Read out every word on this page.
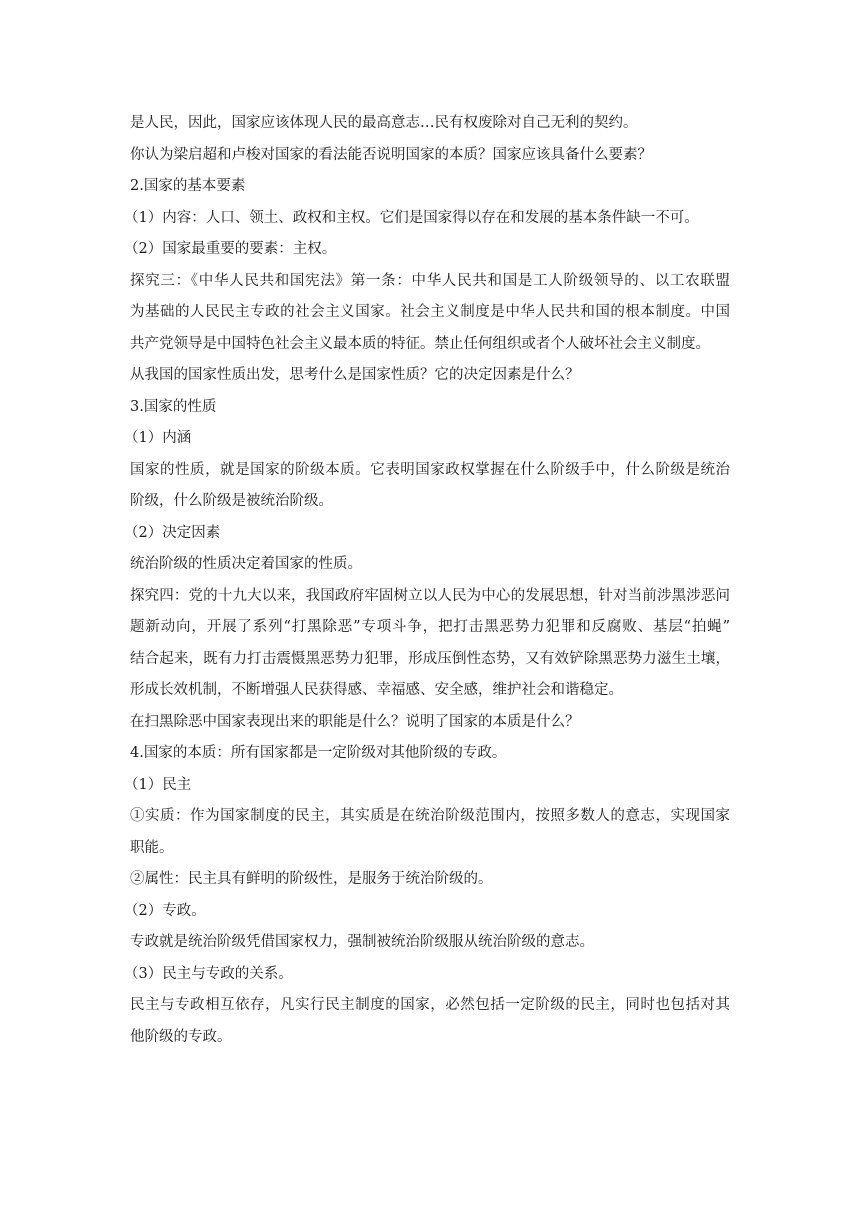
是人民，因此，国家应该体现人民的最高意志…民有权废除对自己无利的契约。
你认为梁启超和卢梭对国家的看法能否说明国家的本质？国家应该具备什么要素？
2.国家的基本要素
（1）内容：人口、领土、政权和主权。它们是国家得以存在和发展的基本条件缺一不可。
（2）国家最重要的要素：主权。
探究三：《中华人民共和国宪法》第一条：中华人民共和国是工人阶级领导的、以工农联盟
为基础的人民民主专政的社会主义国家。社会主义制度是中华人民共和国的根本制度。中国
共产党领导是中国特色社会主义最本质的特征。禁止任何组织或者个人破坏社会主义制度。
从我国的国家性质出发，思考什么是国家性质？它的决定因素是什么？
3.国家的性质
（1）内涵
国家的性质，就是国家的阶级本质。它表明国家政权掌握在什么阶级手中，什么阶级是统治
阶级，什么阶级是被统治阶级。
（2）决定因素
统治阶级的性质决定着国家的性质。
探究四：党的十九大以来，我国政府牢固树立以人民为中心的发展思想，针对当前涉黑涉恶问
题新动向，开展了系列“打黑除恶”专项斗争，把打击黑恶势力犯罪和反腐败、基层“拍蝇”
结合起来，既有力打击震慑黑恶势力犯罪，形成压倒性态势，又有效铲除黑恶势力滋生土壤，
形成长效机制，不断增强人民获得感、幸福感、安全感，维护社会和谐稳定。
在扫黑除恶中国家表现出来的职能是什么？说明了国家的本质是什么？
4.国家的本质：所有国家都是一定阶级对其他阶级的专政。
（1）民主
①实质：作为国家制度的民主，其实质是在统治阶级范围内，按照多数人的意志，实现国家
职能。
②属性：民主具有鲜明的阶级性，是服务于统治阶级的。
（2）专政。
专政就是统治阶级凭借国家权力，强制被统治阶级服从统治阶级的意志。
（3）民主与专政的关系。
民主与专政相互依存，凡实行民主制度的国家，必然包括一定阶级的民主，同时也包括对其
他阶级的专政。
